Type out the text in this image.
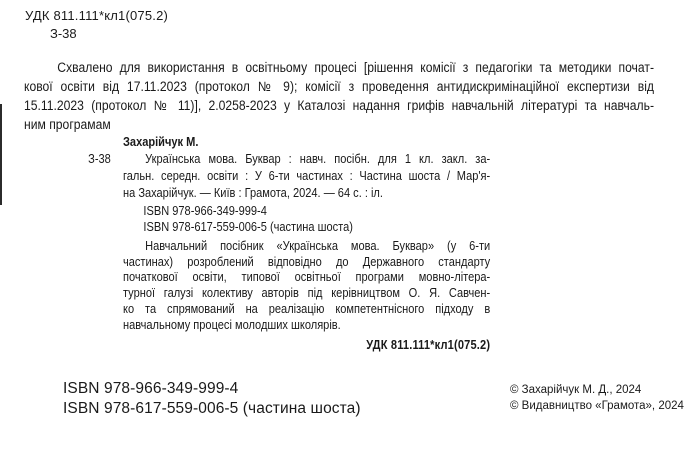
УДК 811.111*кл1(075.2)
З-38
Схвалено для використання в освітньому процесі [рішення комісії з педагогіки та методики почат-
кової освіти від 17.11.2023 (протокол № 9); комісії з проведення антидискримінаційної експертизи від
15.11.2023 (протокол № 11)], 2.0258-2023 у Каталозі надання грифів навчальній літературі та навчаль-
ним програмам
З-38
Захарійчук М.
Українська мова. Буквар : навч. посібн. для 1 кл. закл. за-
гальн. середн. освіти : У 6-ти частинах : Частина шоста / Мар'я-
на Захарійчук. — Київ : Грамота, 2024. — 64 с. : іл.
ISBN 978-966-349-999-4
ISBN 978-617-559-006-5 (частина шоста)
Навчальний посібник «Українська мова. Буквар» (у 6-ти
частинах) розроблений відповідно до Державного стандарту
початкової освіти, типової освітньої програми мовно-літера-
турної галузі колективу авторів під керівництвом О. Я. Савчен-
ко та спрямований на реалізацію компетентнісного підходу в
навчальному процесі молодших школярів.
УДК 811.111*кл1(075.2)
ISBN 978-966-349-999-4
ISBN 978-617-559-006-5 (частина шоста)
© Захарійчук М. Д., 2024
© Видавництво «Грамота», 2024
